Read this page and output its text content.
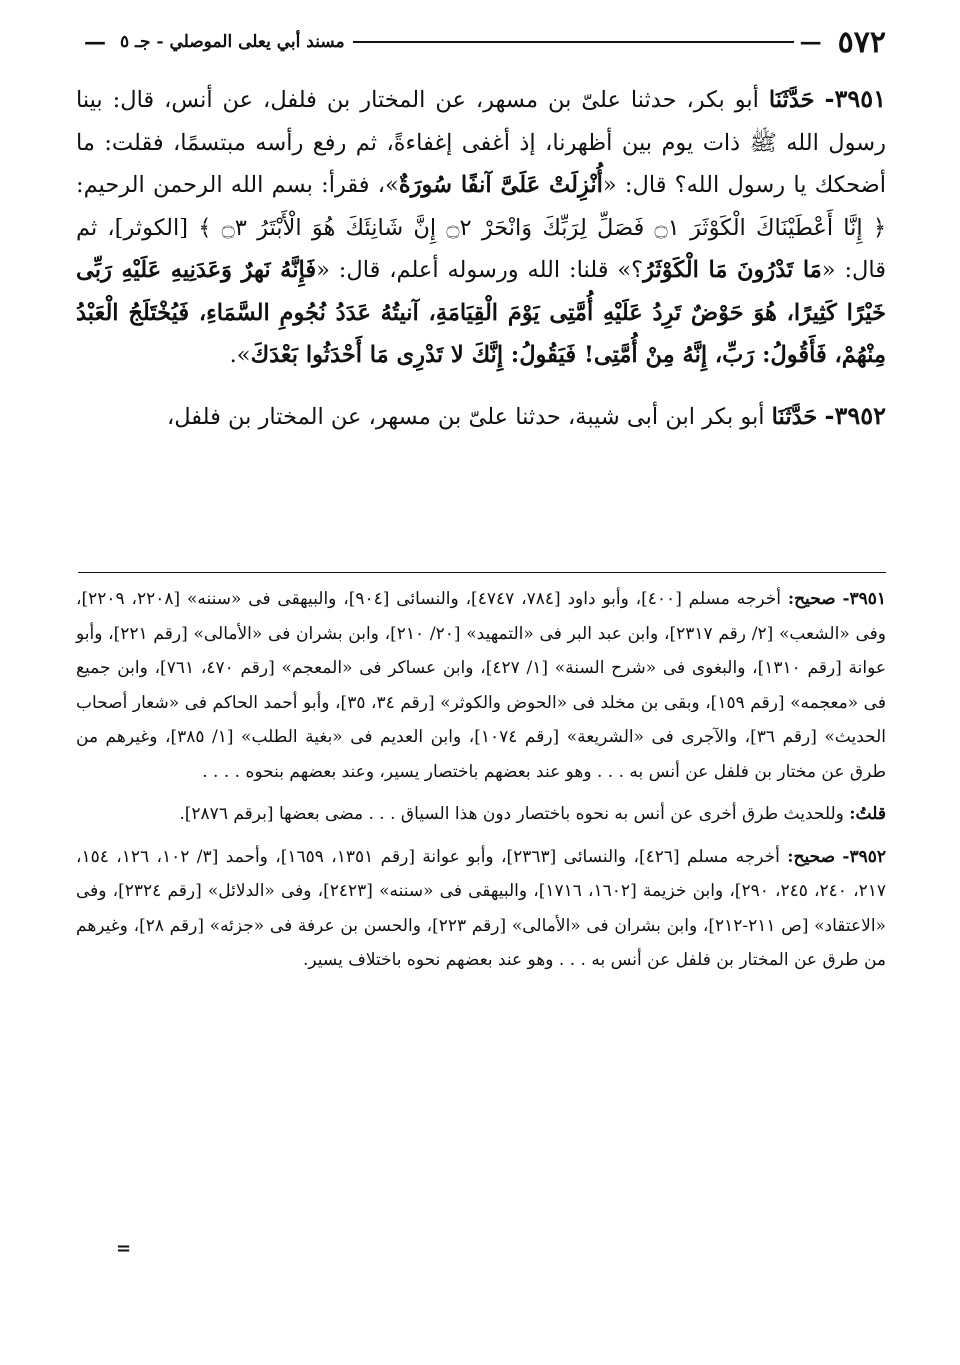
٥٧٢
—
مسند أبي يعلى الموصلي - جـ ٥
—

٣٩٥١- حَدَّثَنَا أبو بكر، حدثنا علىّ بن مسهر، عن المختار بن فلفل، عن أنس، قال: بينا رسول الله ﷺ ذات يوم بين أظهرنا، إذ أغفى إغفاءةً، ثم رفع رأسه مبتسمًا، فقلت: ما أضحكك يا رسول الله؟ قال: «أُنْزِلَتْ عَلَىَّ آنفًا سُورَةٌ»، فقرأ: بسم الله الرحمن الرحيم: ﴿ إِنَّا أَعْطَيْنَاكَ الْكَوْثَرَ ۝١ فَصَلِّ لِرَبِّكَ وَانْحَرْ ۝٢ إِنَّ شَانِئَكَ هُوَ الْأَبْتَرُ ۝٣ ﴾ [الكوثر]، ثم قال: «مَا تَدْرُونَ مَا الْكَوْثَرُ؟» قلنا: الله ورسوله أعلم، قال: «فَإِنَّهُ نَهرٌ وَعَدَنِيهِ عَلَيْهِ رَبِّى خَيْرًا كَثِيرًا، هُوَ حَوْضٌ تَرِدُ عَلَيْهِ أُمَّتِى يَوْمَ الْقِيَامَةِ، آنيتُهُ عَدَدُ نُجُومِ السَّمَاءِ، فَيُخْتَلَجُ الْعَبْدُ مِنْهُمْ، فَأَقُولُ: رَبِّ، إِنَّهُ مِنْ أُمَّتِى! فَيَقُولُ: إِنَّكَ لا تَدْرِى مَا أَحْدَثُوا بَعْدَكَ».

٣٩٥٢- حَدَّثَنَا أبو بكر ابن أبى شيبة، حدثنا علىّ بن مسهر، عن المختار بن فلفل،

٣٩٥١- صحيح: أخرجه مسلم [٤٠٠]، وأبو داود [٧٨٤، ٤٧٤٧]، والنسائى [٩٠٤]، والبيهقى فى «سننه» [٢٢٠٨، ٢٢٠٩]، وفى «الشعب» [٢/ رقم ٢٣١٧]، وابن عبد البر فى «التمهيد» [٢٠/ ٢١٠]، وابن بشران فى «الأمالى» [رقم ٢٢١]، وأبو عوانة [رقم ١٣١٠]، والبغوى فى «شرح السنة» [١/ ٤٢٧]، وابن عساكر فى «المعجم» [رقم ٤٧٠، ٧٦١]، وابن جميع فى «معجمه» [رقم ١٥٩]، وبقى بن مخلد فى «الحوض والكوثر» [رقم ٣٤، ٣٥]، وأبو أحمد الحاكم فى «شعار أصحاب الحديث» [رقم ٣٦]، والآجرى فى «الشريعة» [رقم ١٠٧٤]، وابن العديم فى «بغية الطلب» [١/ ٣٨٥]، وغيرهم من طرق عن مختار بن فلفل عن أنس به . . . وهو عند بعضهم باختصار يسير، وعند بعضهم بنحوه . . . .

قلتُ: وللحديث طرق أخرى عن أنس به نحوه باختصار دون هذا السياق . . . مضى بعضها [برقم ٢٨٧٦].

٣٩٥٢- صحيح: أخرجه مسلم [٤٢٦]، والنسائى [٢٣٦٣]، وأبو عوانة [رقم ١٣٥١، ١٦٥٩]، وأحمد [٣/ ١٠٢، ١٢٦، ١٥٤، ٢١٧، ٢٤٠، ٢٤٥، ٢٩٠]، وابن خزيمة [١٦٠٢، ١٧١٦]، والبيهقى فى «سننه» [٢٤٢٣]، وفى «الدلائل» [رقم ٢٣٢٤]، وفى «الاعتقاد» [ص ٢١١-٢١٢]، وابن بشران فى «الأمالى» [رقم ٢٢٣]، والحسن بن عرفة فى «جزئه» [رقم ٢٨]، وغيرهم من طرق عن المختار بن فلفل عن أنس به . . . وهو عند بعضهم نحوه باختلاف يسير.

=
